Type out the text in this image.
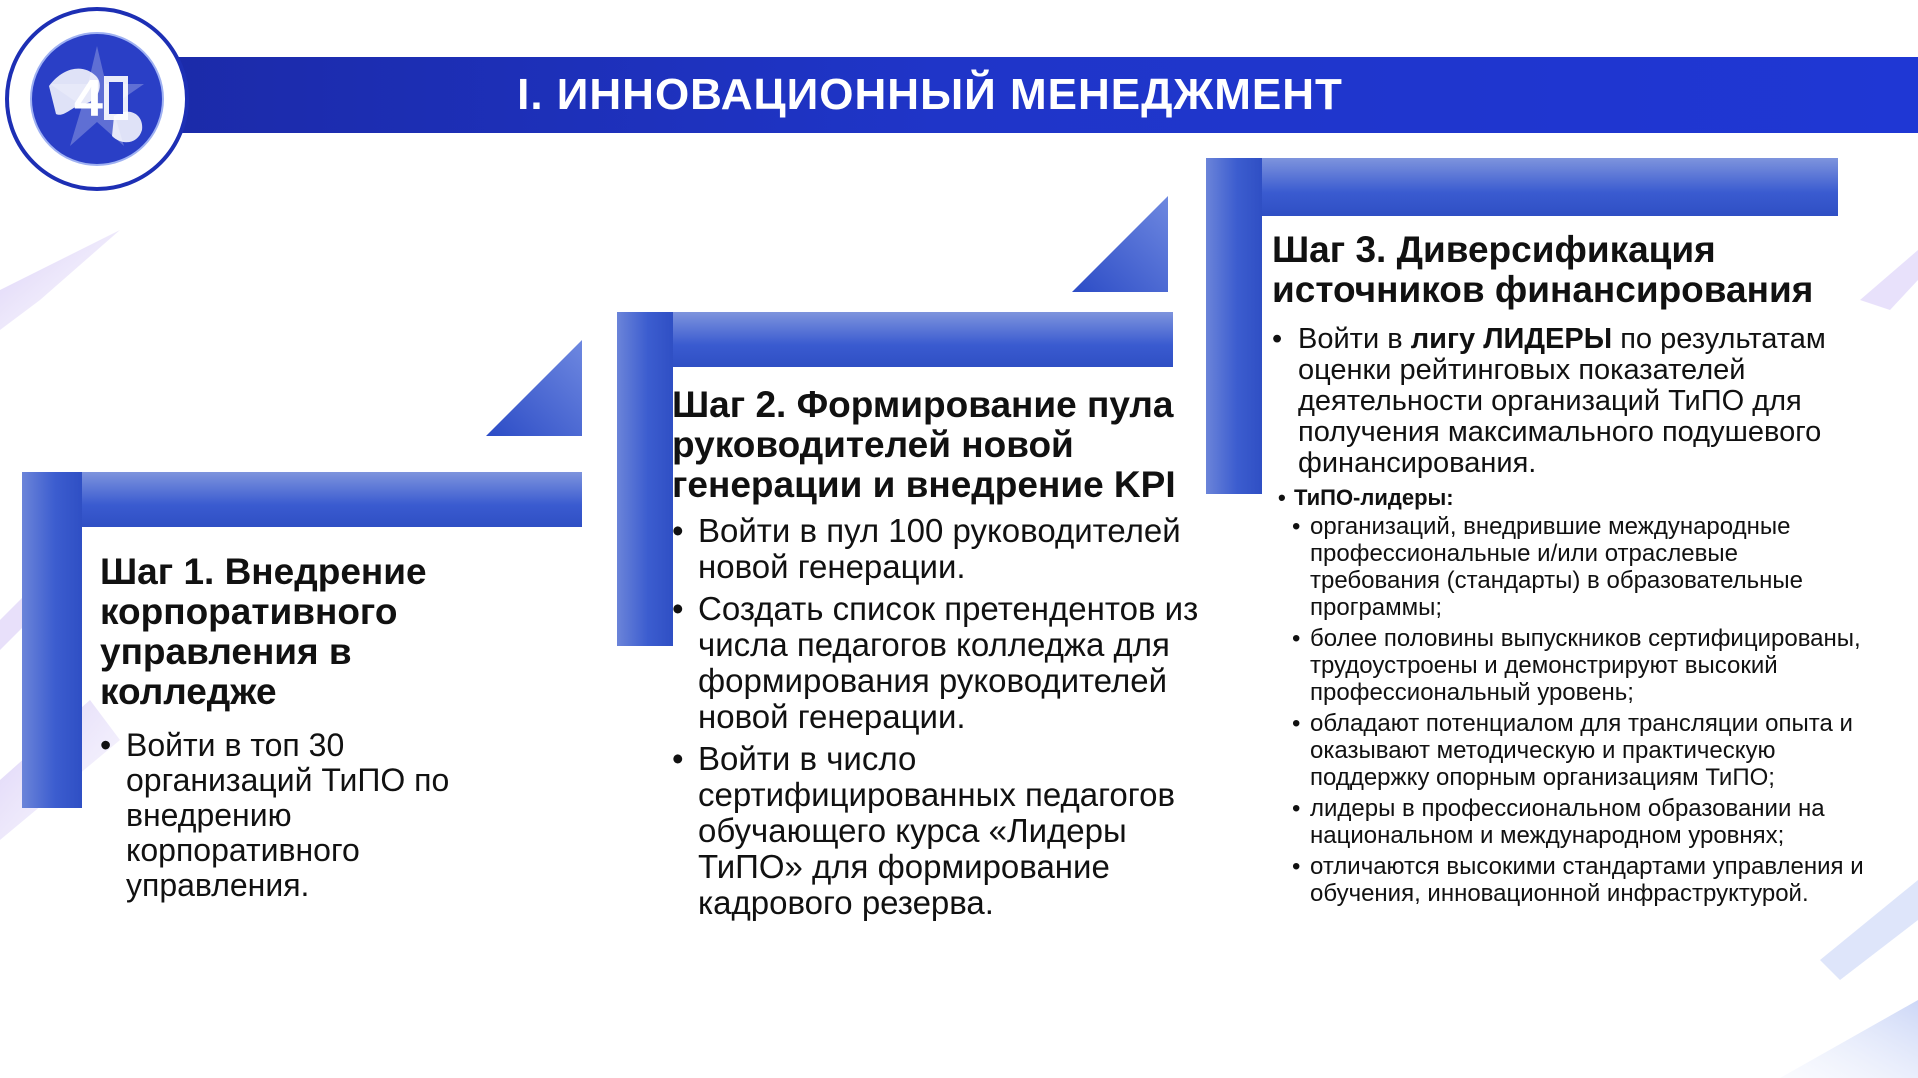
I. ИННОВАЦИОННЫЙ МЕНЕДЖМЕНТ
4
Шаг 1. Внедрение корпоративного управления в колледже
• Войти в топ 30 организаций ТиПО по внедрению корпоративного управления.
Шаг 2. Формирование пула руководителей новой генерации и внедрение KPI
• Войти в пул 100 руководителей новой генерации.
• Создать список претендентов из числа педагогов колледжа для формирования руководителей новой генерации.
• Войти в число сертифицированных педагогов обучающего курса «Лидеры ТиПО» для формирование кадрового резерва.
Шаг 3. Диверсификация источников финансирования
• Войти в лигу ЛИДЕРЫ по результатам оценки рейтинговых показателей деятельности организаций ТиПО для получения максимального подушевого финансирования.
• ТиПО-лидеры:
• организаций, внедрившие международные профессиональные и/или отраслевые требования (стандарты) в образовательные программы;
• более половины выпускников сертифицированы, трудоустроены и демонстрируют высокий профессиональный уровень;
• обладают потенциалом для трансляции опыта и оказывают методическую и практическую поддержку опорным организациям ТиПО;
• лидеры в профессиональном образовании на национальном и международном уровнях;
• отличаются высокими стандартами управления и обучения, инновационной инфраструктурой.
